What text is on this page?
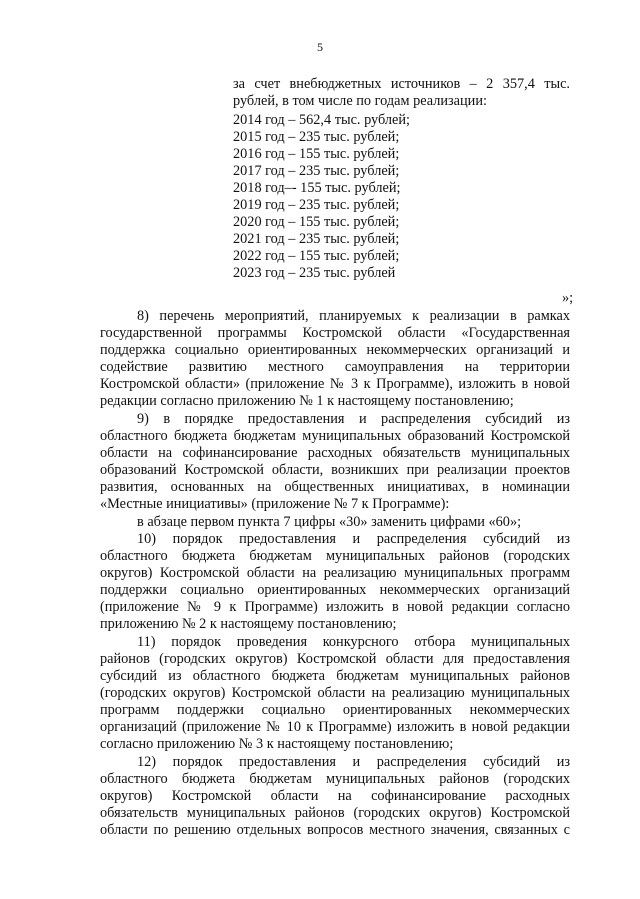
5
за счет внебюджетных источников – 2 357,4 тыс.
рублей, в том числе по годам реализации:
2014 год – 562,4 тыс. рублей;
2015 год – 235 тыс. рублей;
2016 год – 155 тыс. рублей;
2017 год – 235 тыс. рублей;
2018 год–- 155 тыс. рублей;
2019 год – 235 тыс. рублей;
2020 год – 155 тыс. рублей;
2021 год – 235 тыс. рублей;
2022 год – 155 тыс. рублей;
2023 год – 235 тыс. рублей
»;
8) перечень мероприятий, планируемых к реализации в рамках
государственной программы Костромской области «Государственная
поддержка социально ориентированных некоммерческих организаций и
содействие развитию местного самоуправления на территории
Костромской области» (приложение № 3 к Программе), изложить в новой
редакции согласно приложению № 1 к настоящему постановлению;
9) в порядке предоставления и распределения субсидий из
областного бюджета бюджетам муниципальных образований Костромской
области на софинансирование расходных обязательств муниципальных
образований Костромской области, возникших при реализации проектов
развития, основанных на общественных инициативах, в номинации
«Местные инициативы» (приложение № 7 к Программе):
в абзаце первом пункта 7 цифры «30» заменить цифрами «60»;
10) порядок предоставления и распределения субсидий из
областного бюджета бюджетам муниципальных районов (городских
округов) Костромской области на реализацию муниципальных программ
поддержки социально ориентированных некоммерческих организаций
(приложение № 9 к Программе) изложить в новой редакции согласно
приложению № 2 к настоящему постановлению;
11) порядок проведения конкурсного отбора муниципальных
районов (городских округов) Костромской области для предоставления
субсидий из областного бюджета бюджетам муниципальных районов
(городских округов) Костромской области на реализацию муниципальных
программ поддержки социально ориентированных некоммерческих
организаций (приложение № 10 к Программе) изложить в новой редакции
согласно приложению № 3 к настоящему постановлению;
12) порядок предоставления и распределения субсидий из
областного бюджета бюджетам муниципальных районов (городских
округов) Костромской области на софинансирование расходных
обязательств муниципальных районов (городских округов) Костромской
области по решению отдельных вопросов местного значения, связанных с
